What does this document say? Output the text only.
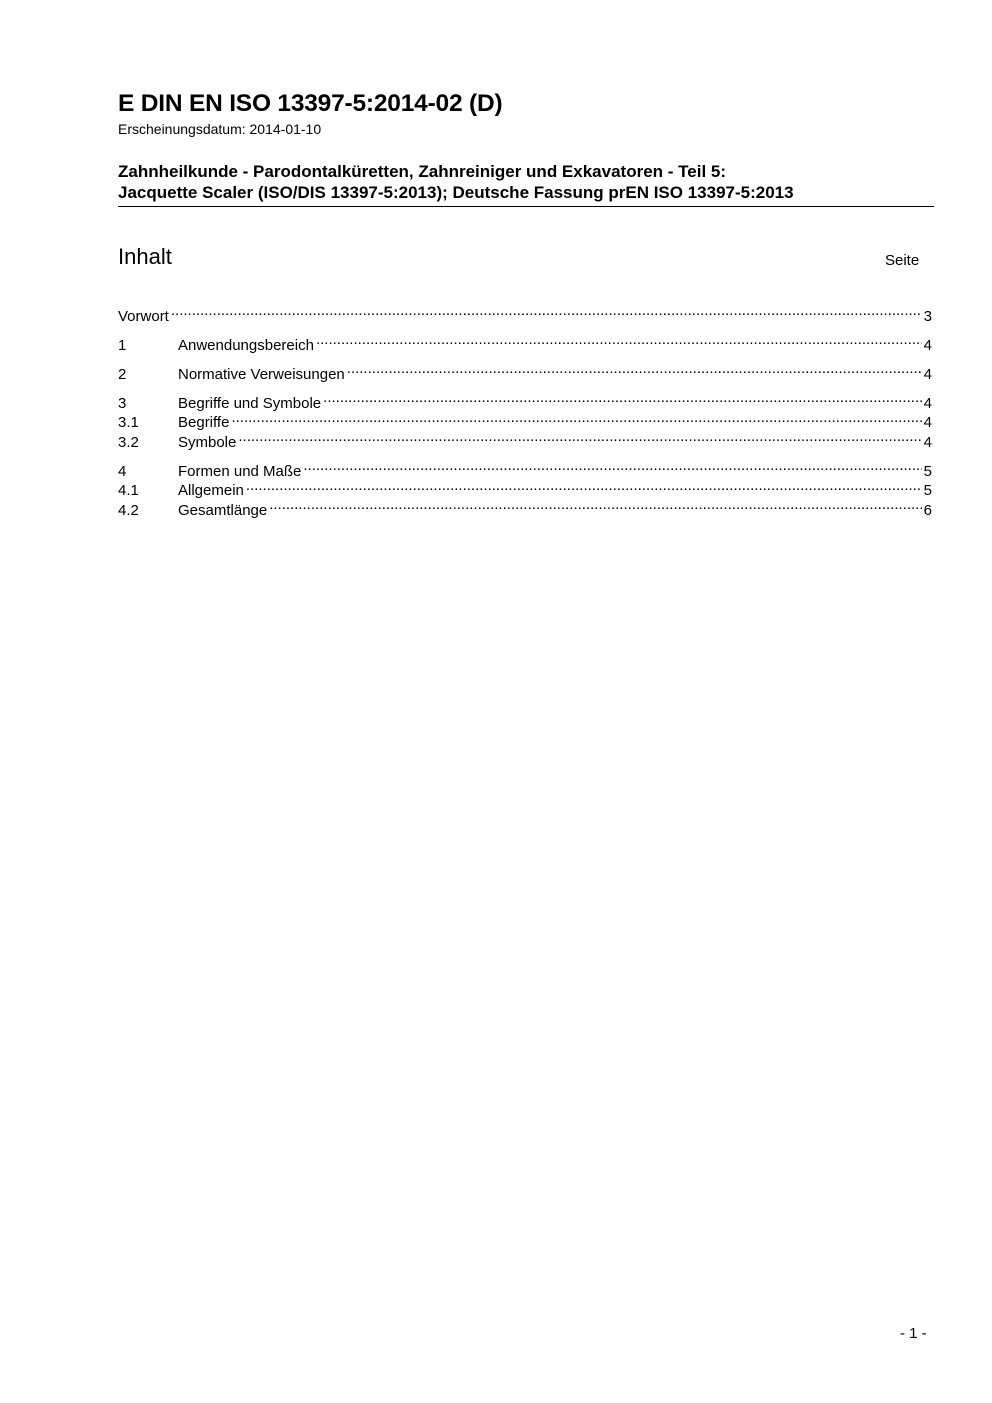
E DIN EN ISO 13397-5:2014-02 (D)
Erscheinungsdatum: 2014-01-10
Zahnheilkunde - Parodontalküretten, Zahnreiniger und Exkavatoren - Teil 5:
Jacquette Scaler (ISO/DIS 13397-5:2013); Deutsche Fassung prEN ISO 13397-5:2013
Inhalt	Seite
Vorwort .....	3
1	Anwendungsbereich .....	4
2	Normative Verweisungen .....	4
3	Begriffe und Symbole .....	4
3.1	Begriffe .....	4
3.2	Symbole .....	4
4	Formen und Maße .....	5
4.1	Allgemein .....	5
4.2	Gesamtlänge .....	6
- 1 -
